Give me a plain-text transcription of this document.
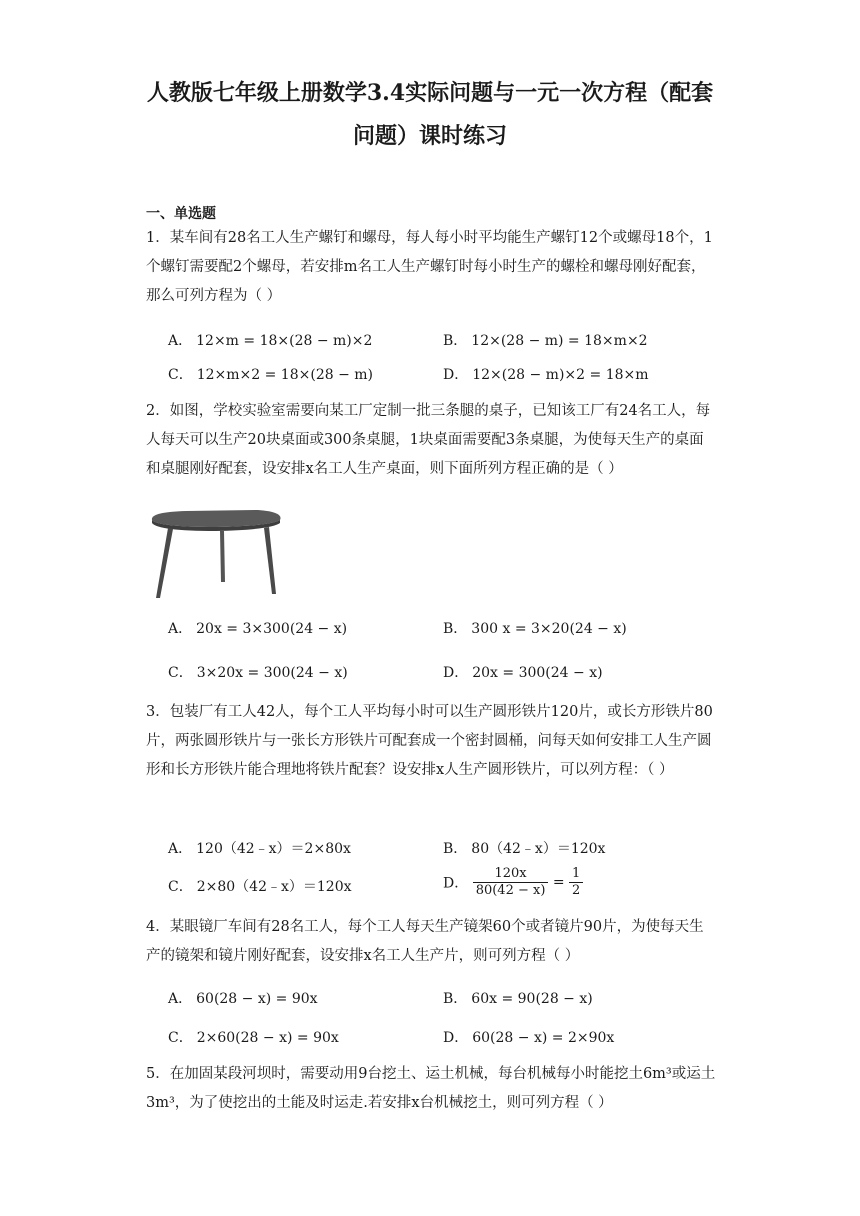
人教版七年级上册数学3.4实际问题与一元一次方程（配套
问题）课时练习
一、单选题

1．某车间有28名工人生产螺钉和螺母，每人每小时平均能生产螺钉12个或螺母18个，1个螺钉需要配2个螺母，若安排m名工人生产螺钉时每小时生产的螺栓和螺母刚好配套，那么可列方程为（ ）

A． 12×m = 18×(28 − m)×2	B． 12×(28 − m) = 18×m×2
C． 12×m×2 = 18×(28 − m)	D． 12×(28 − m)×2 = 18×m

2．如图，学校实验室需要向某工厂定制一批三条腿的桌子，已知该工厂有24名工人，每人每天可以生产20块桌面或300条桌腿，1块桌面需要配3条桌腿，为使每天生产的桌面和桌腿刚好配套，设安排x名工人生产桌面，则下面所列方程正确的是（ ）

A． 20x = 3×300(24 − x)	B． 300 x = 3×20(24 − x)
C． 3×20x = 300(24 − x)	D． 20x = 300(24 − x)

3．包装厂有工人42人，每个工人平均每小时可以生产圆形铁片120片，或长方形铁片80片，两张圆形铁片与一张长方形铁片可配套成一个密封圆桶，问每天如何安排工人生产圆形和长方形铁片能合理地将铁片配套？设安排x人生产圆形铁片，可以列方程：（ ）

A． 120（42﹣x）＝2×80x	B． 80（42﹣x）＝120x
C． 2×80（42﹣x）＝120x	D． $\frac{120x}{80(42 - x)} = \frac{1}{2}$

4．某眼镜厂车间有28名工人，每个工人每天生产镜架60个或者镜片90片，为使每天生产的镜架和镜片刚好配套，设安排x名工人生产片，则可列方程（ ）

A． 60(28 − x) = 90x	B． 60x = 90(28 − x)
C． 2×60(28 − x) = 90x	D． 60(28 − x) = 2×90x

5．在加固某段河坝时，需要动用9台挖土、运土机械，每台机械每小时能挖土6m³或运土3m³，为了使挖出的土能及时运走.若安排x台机械挖土，则可列方程（ ）
